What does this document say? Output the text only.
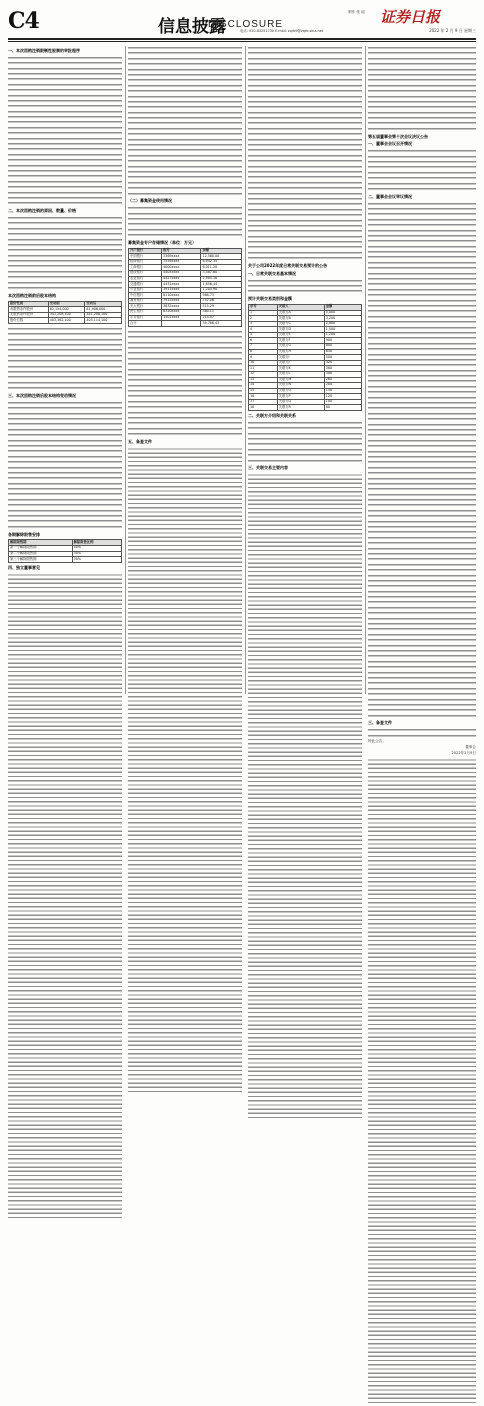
C4	信息披露
DISCLOSURE
制作 张 瑶 证券日报
电话: 010-83251730 E-mail: zqrb9@zqrb.sina.net	2022 年 2 月 9 日 星期三
一、本次回购注销限制性股票的审批程序
二、本次回购注销的原因、数量、价格
本次回购注销前后股本结构
股份性质	变动前	变动后
有限售条件股份	62,154,000	61,906,000
无限售条件股份	341,208,100	341,208,100
股份总数	403,362,100	403,114,100
三、本次回购注销后股本结构变动情况
各期解除限售安排
解除限售期	解除限售比例
第一个解除限售期	40%
第二个解除限售期	30%
第三个解除限售期	30%
四、独立董事意见
（二）募集资金使用情况
募集资金专户存储情况（单位：万元）
开户银行	账号	余额
中国银行	3369xxxx	12,560.00
招商银行	7559xxxx	8,942.35
工商银行	4000xxxx	6,011.20
建设银行	4405xxxx	3,487.60
农业银行	4427xxxx	2,905.18
交通银行	4431xxxx	1,856.44
兴业银行	3911xxxx	1,204.90
中信银行	8110xxxx	988.73
浦发银行	7915xxxx	742.06
光大银行	3832xxxx	515.29
民生银行	6320xxxx	360.11
平安银行	1501xxxx	214.57
合计		39,788.43
五、备查文件
关于公司2022年度日常关联交易预计的公告
一、日常关联交易基本情况
预计关联交易类别和金额
序号	关联人	金额
1	关联方A	5,000
2	关联方B	3,200
3	关联方C	2,800
4	关联方D	1,500
5	关联方E	1,200
6	关联方F	900
7	关联方G	800
8	关联方H	650
9	关联方I	500
10	关联方J	420
11	关联方K	380
12	关联方L	300
13	关联方M	260
14	关联方N	200
15	关联方O	150
16	关联方P	120
17	关联方Q	100
18	关联方R	80
二、关联方介绍和关联关系
三、关联交易主要内容
第五届董事会第十次会议决议公告
一、董事会会议召开情况
二、董事会会议审议情况
三、备查文件

特此公告。

董事会

2022年2月9日
